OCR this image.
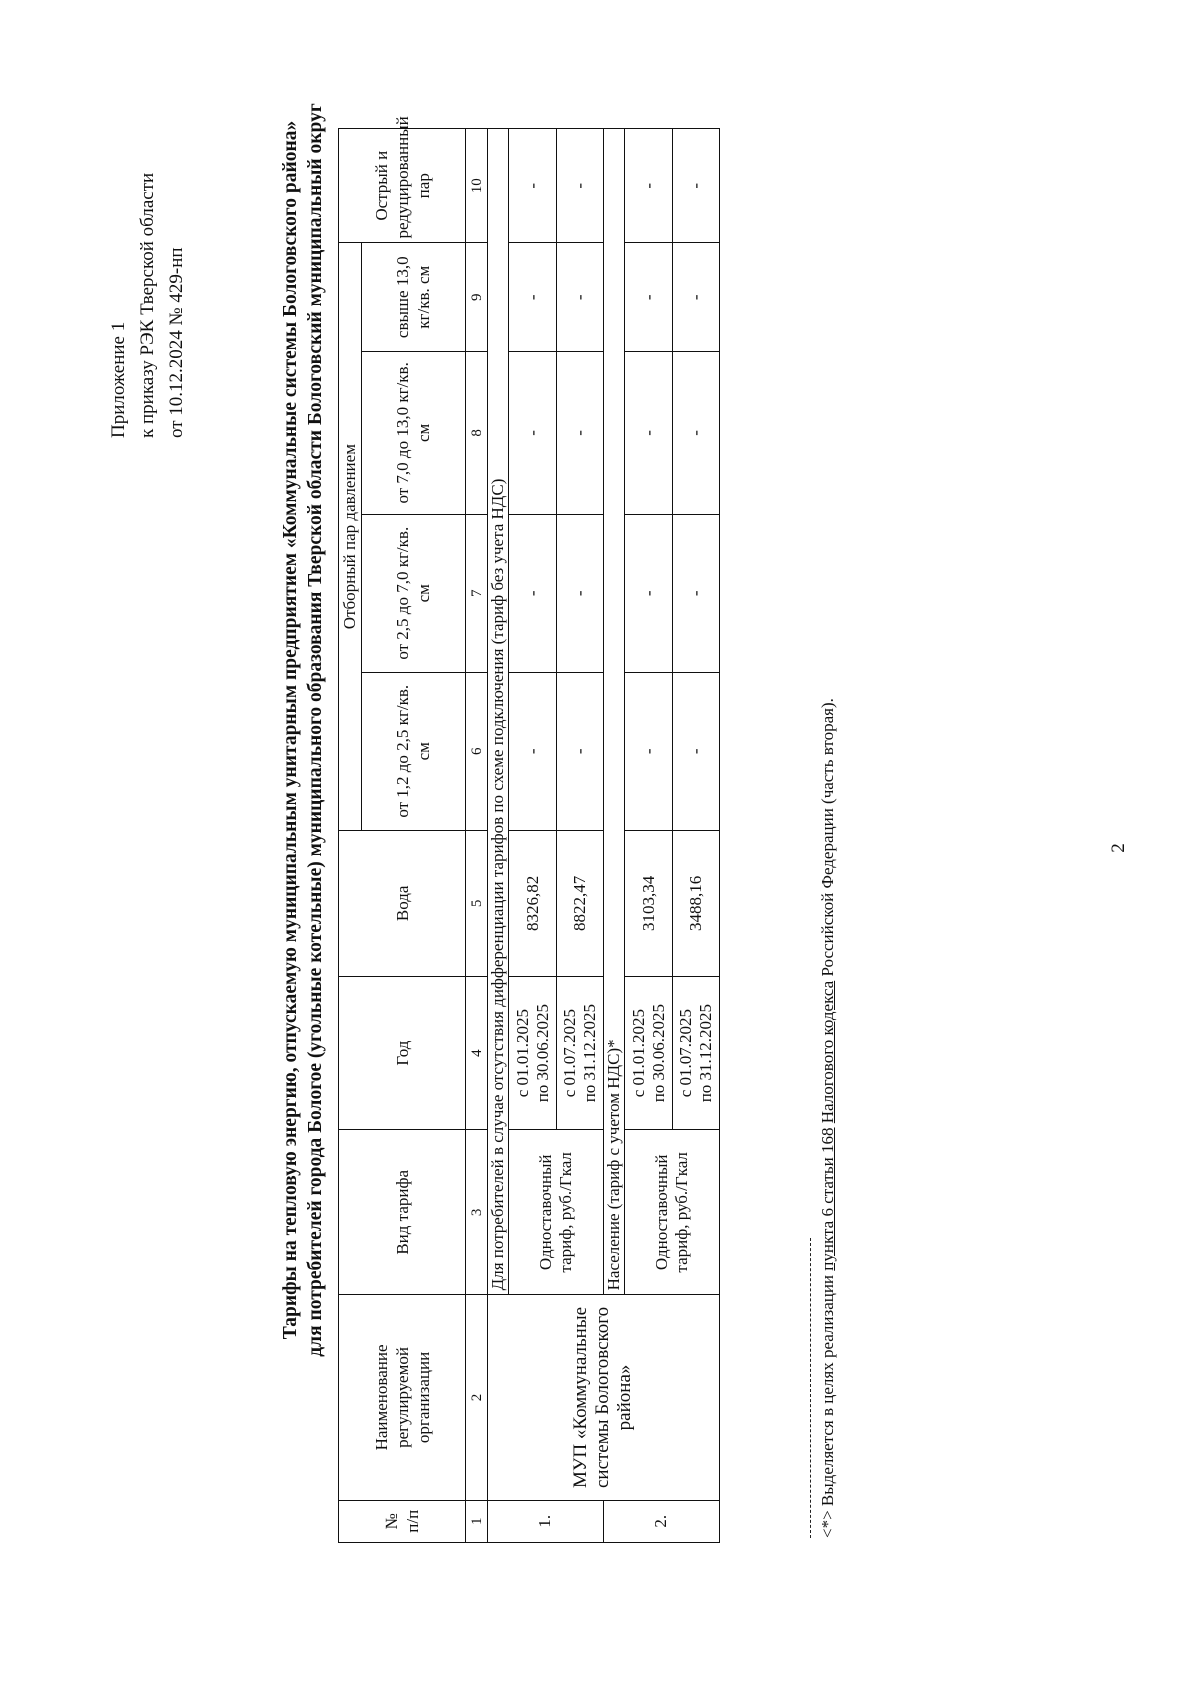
2
Приложение 1 к приказу РЭК Тверской области от 10.12.2024 № 429-нп	Тарифы на тепловую энергию, отпускаемую муниципальным унитарным предприятием «Коммунальные системы Бологовского района» для потребителей города Бологое (угольные котельные) муниципального образования Тверской области Бологовский муниципальный округ
№ п/п	Наименование регулируемой организации	Вид тарифа	Год	Вода	Отборный пар давлением				Острый и редуцированный пар
					от 1,2 до 2,5 кг/кв. см	от 2,5 до 7,0 кг/кв. см	от 7,0 до 13,0 кг/кв. см	свыше 13,0 кг/кв. см	
1	2	3	4	5	6	7	8	9	10
1.	МУП «Коммунальные системы Бологовского района»	Для потребителей в случае отсутствия дифференциации тарифов по схеме подключения (тариф без учета НДС)							
		Одноставочный тариф, руб./Гкал	с 01.01.2025 по 30.06.2025	8326,82	-	-	-	-	-

			с 01.07.2025 по 31.12.2025	8822,47	-	-	-	-	-
2.		Население (тариф с учетом НДС)*							
		Одноставочный тариф, руб./Гкал	с 01.01.2025 по 30.06.2025	3103,34	-	-	-	-	-

			с 01.07.2025 по 31.12.2025	3488,16	-	-	-	-	-
<*> Выделяется в целях реализации пункта 6 статьи 168 Налогового кодекса Российской Федерации (часть вторая).
